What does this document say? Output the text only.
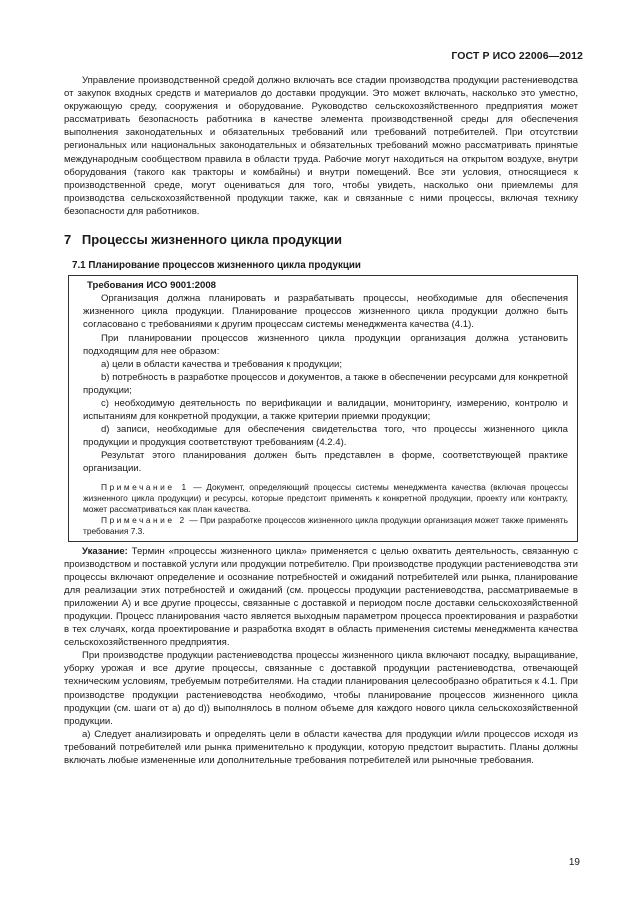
ГОСТ Р ИСО 22006—2012

Управление производственной средой должно включать все стадии производства продукции растениеводства от закупок входных средств и материалов до доставки продукции. Это может включать, насколько это уместно, окружающую среду, сооружения и оборудование. Руководство сельскохозяйственного предприятия может рассматривать безопасность работника в качестве элемента производственной среды для обеспечения выполнения законодательных и обязательных требований или требований потребителей. При отсутствии региональных или национальных законодательных и обязательных требований можно рассматривать принятые международным сообществом правила в области труда. Рабочие могут находиться на открытом воздухе, внутри оборудования (такого как тракторы и комбайны) и внутри помещений. Все эти условия, относящиеся к производственной среде, могут оцениваться для того, чтобы увидеть, насколько они приемлемы для производства сельскохозяйственной продукции также, как и связанные с ними процессы, включая технику безопасности для работников.

7 Процессы жизненного цикла продукции
7.1 Планирование процессов жизненного цикла продукции
Требования ИСО 9001:2008

Организация должна планировать и разрабатывать процессы, необходимые для обеспечения жизненного цикла продукции. Планирование процессов жизненного цикла продукции должно быть согласовано с требованиями к другим процессам системы менеджмента качества (4.1).

При планировании процессов жизненного цикла продукции организация должна установить подходящим для нее образом:

a) цели в области качества и требования к продукции;

b) потребность в разработке процессов и документов, а также в обеспечении ресурсами для конкретной продукции;

c) необходимую деятельность по верификации и валидации, мониторингу, измерению, контролю и испытаниям для конкретной продукции, а также критерии приемки продукции;

d) записи, необходимые для обеспечения свидетельства того, что процессы жизненного цикла продукции и продукция соответствуют требованиям (4.2.4).

Результат этого планирования должен быть представлен в форме, соответствующей практике организации.

Примечание 1 — Документ, определяющий процессы системы менеджмента качества (включая процессы жизненного цикла продукции) и ресурсы, которые предстоит применять к конкретной продукции, проекту или контракту, может рассматриваться как план качества.

Примечание 2 — При разработке процессов жизненного цикла продукции организация может также применять требования 7.3.

Указание: Термин «процессы жизненного цикла» применяется с целью охватить деятельность, связанную с производством и поставкой услуги или продукции потребителю. При производстве продукции растениеводства эти процессы включают определение и осознание потребностей и ожиданий потребителей или рынка, планирование для реализации этих потребностей и ожиданий (см. процессы продукции растениеводства, рассматриваемые в приложении А) и все другие процессы, связанные с доставкой и периодом после доставки сельскохозяйственной продукции. Процесс планирования часто является выходным параметром процесса проектирования и разработки в тех случаях, когда проектирование и разработка входят в область применения системы менеджмента качества сельскохозяйственного предприятия.

При производстве продукции растениеводства процессы жизненного цикла включают посадку, выращивание, уборку урожая и все другие процессы, связанные с доставкой продукции растениеводства, отвечающей техническим условиям, требуемым потребителями. На стадии планирования целесообразно обратиться к 4.1. При производстве продукции растениеводства необходимо, чтобы планирование процессов жизненного цикла продукции (см. шаги от a) до d)) выполнялось в полном объеме для каждого нового цикла сельскохозяйственной продукции.

a) Следует анализировать и определять цели в области качества для продукции и/или процессов исходя из требований потребителей или рынка применительно к продукции, которую предстоит вырастить. Планы должны включать любые измененные или дополнительные требования потребителей или рыночные требования.

19
